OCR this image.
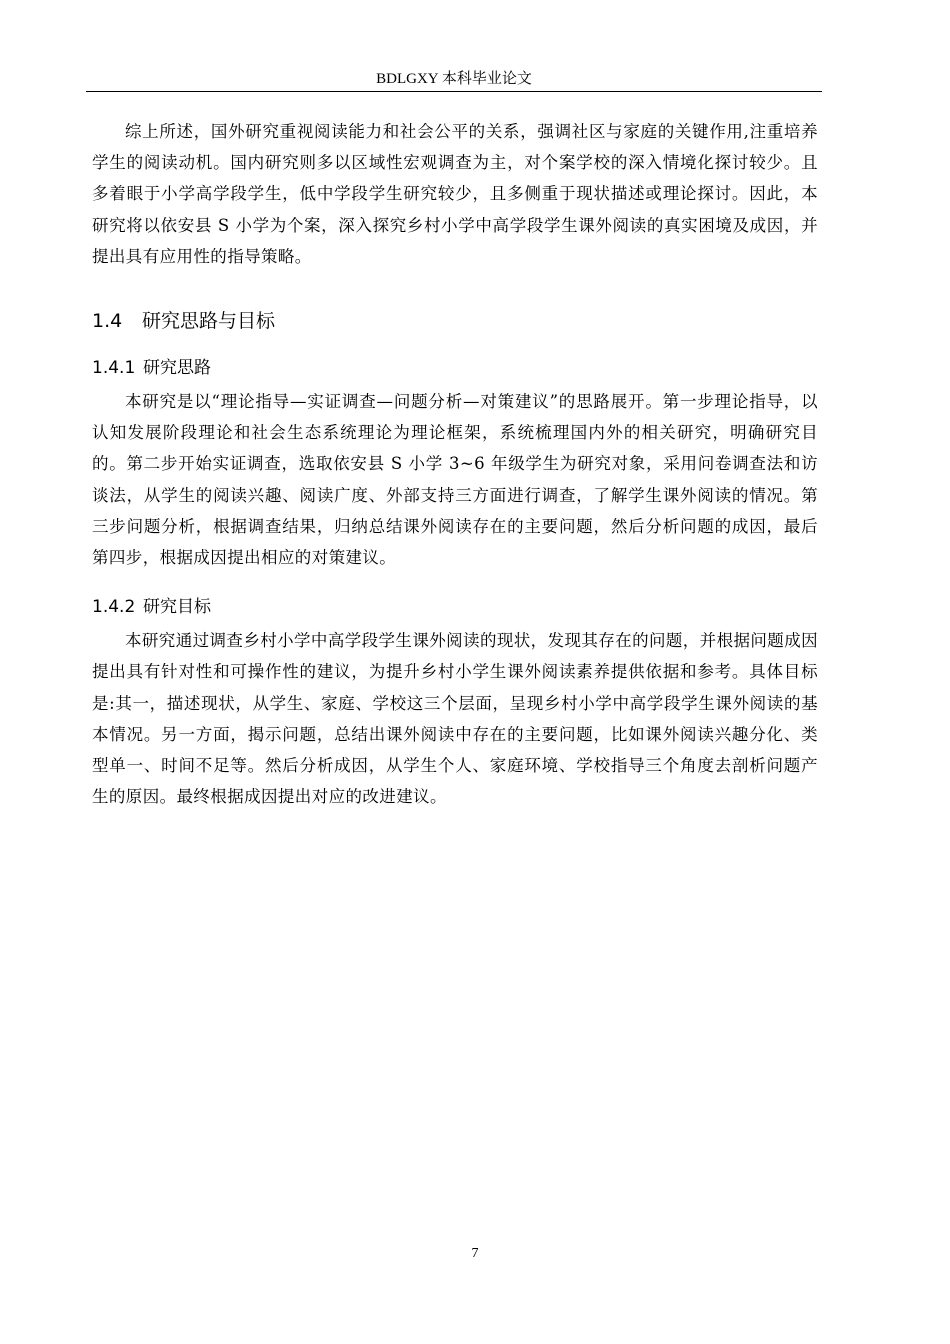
BDLGXY 本科毕业论文

综上所述，国外研究重视阅读能力和社会公平的关系，强调社区与家庭的关键作用,注重培养学生的阅读动机。国内研究则多以区域性宏观调查为主，对个案学校的深入情境化探讨较少。且多着眼于小学高学段学生，低中学段学生研究较少，且多侧重于现状描述或理论探讨。因此，本研究将以依安县 S 小学为个案，深入探究乡村小学中高学段学生课外阅读的真实困境及成因，并提出具有应用性的指导策略。

1.4 研究思路与目标
1.4.1 研究思路

本研究是以“理论指导—实证调查—问题分析—对策建议”的思路展开。第一步理论指导，以认知发展阶段理论和社会生态系统理论为理论框架，系统梳理国内外的相关研究，明确研究目的。第二步开始实证调查，选取依安县 S 小学 3~6 年级学生为研究对象，采用问卷调查法和访谈法，从学生的阅读兴趣、阅读广度、外部支持三方面进行调查，了解学生课外阅读的情况。第三步问题分析，根据调查结果，归纳总结课外阅读存在的主要问题，然后分析问题的成因，最后第四步，根据成因提出相应的对策建议。

1.4.2 研究目标

本研究通过调查乡村小学中高学段学生课外阅读的现状，发现其存在的问题，并根据问题成因提出具有针对性和可操作性的建议，为提升乡村小学生课外阅读素养提供依据和参考。具体目标是:其一，描述现状，从学生、家庭、学校这三个层面，呈现乡村小学中高学段学生课外阅读的基本情况。另一方面，揭示问题，总结出课外阅读中存在的主要问题，比如课外阅读兴趣分化、类型单一、时间不足等。然后分析成因，从学生个人、家庭环境、学校指导三个角度去剖析问题产生的原因。最终根据成因提出对应的改进建议。

7
